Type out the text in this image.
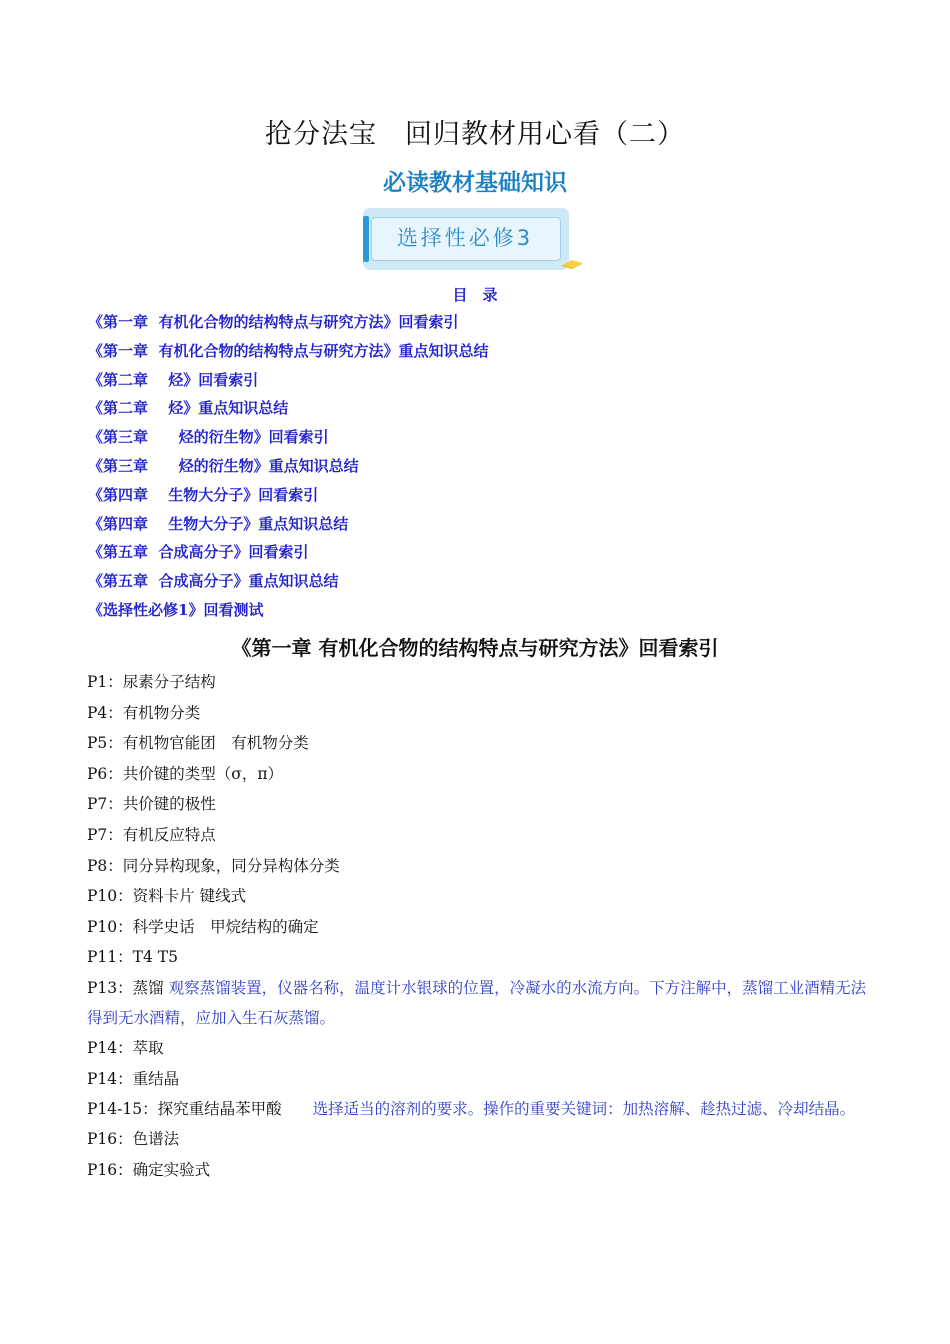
抢分法宝　回归教材用心看（二）
必读教材基础知识
选择性必修3
目　录
《第一章  有机化合物的结构特点与研究方法》回看索引
《第一章  有机化合物的结构特点与研究方法》重点知识总结
《第二章　 烃》回看索引
《第二章　 烃》重点知识总结
《第三章　   烃的衍生物》回看索引
《第三章　   烃的衍生物》重点知识总结
《第四章　 生物大分子》回看索引
《第四章　 生物大分子》重点知识总结
《第五章  合成高分子》回看索引
《第五章  合成高分子》重点知识总结
《选择性必修1》回看测试
《第一章 有机化合物的结构特点与研究方法》回看索引
P1：尿素分子结构
P4：有机物分类
P5：有机物官能团　有机物分类
P6：共价键的类型（σ，π）
P7：共价键的极性
P7：有机反应特点
P8：同分异构现象，同分异构体分类
P10：资料卡片 键线式
P10：科学史话　甲烷结构的确定
P11：T4 T5
P13：蒸馏 观察蒸馏装置，仪器名称，温度计水银球的位置，冷凝水的水流方向。下方注解中，蒸馏工业酒精无法得到无水酒精，应加入生石灰蒸馏。
P14：萃取
P14：重结晶
P14-15：探究重结晶苯甲酸　　选择适当的溶剂的要求。操作的重要关键词：加热溶解、趁热过滤、冷却结晶。
P16：色谱法
P16：确定实验式
